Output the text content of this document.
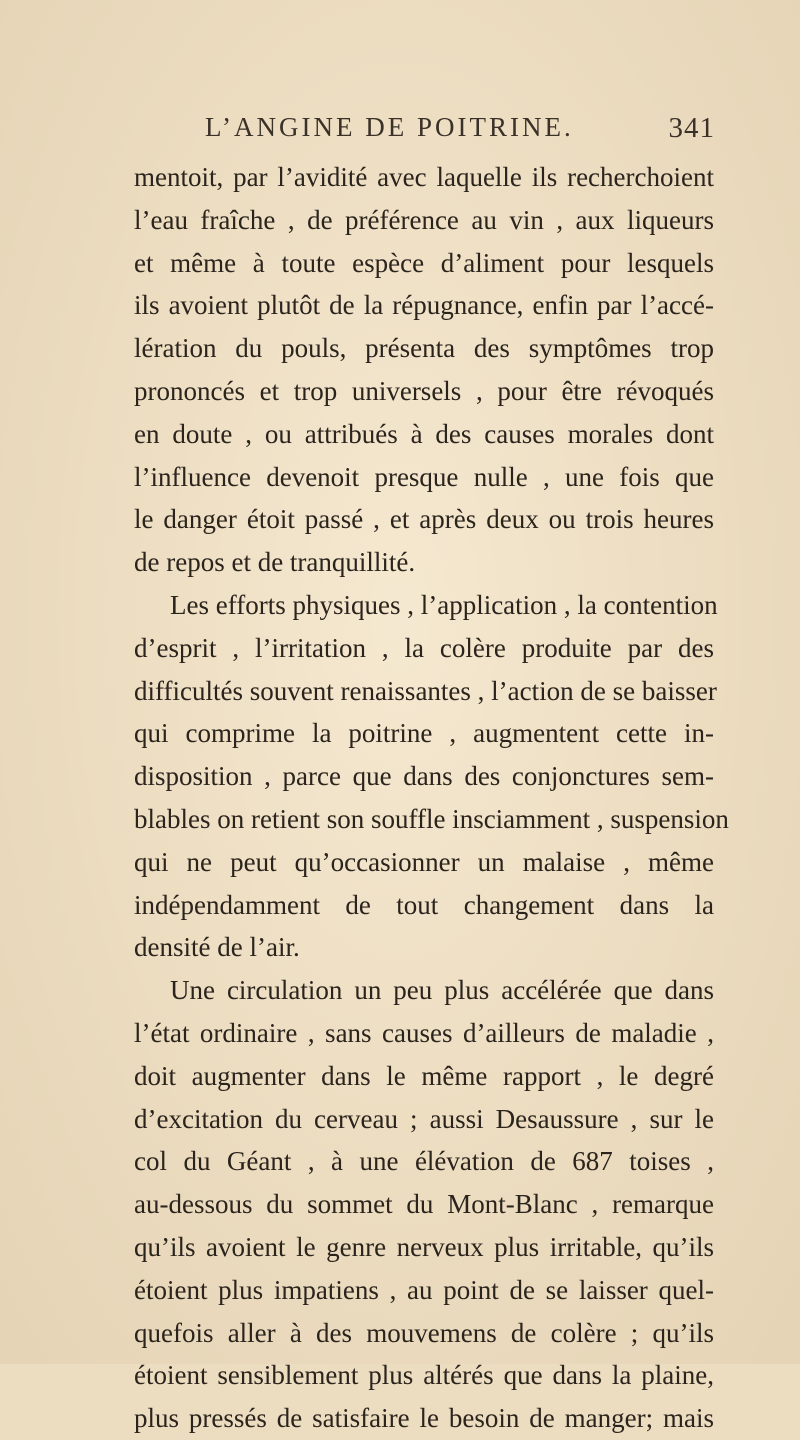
L’ANGINE DE POITRINE.	341
mentoit, par l’avidité avec laquelle ils recherchoient
l’eau fraîche , de préférence au vin , aux liqueurs
et même à toute espèce d’aliment pour lesquels
ils avoient plutôt de la répugnance, enfin par l’accé-
lération du pouls, présenta des symptômes trop
prononcés et trop universels , pour être révoqués
en doute , ou attribués à des causes morales dont
l’influence devenoit presque nulle , une fois que
le danger étoit passé , et après deux ou trois heures
de repos et de tranquillité.
Les efforts physiques , l’application , la contention
d’esprit , l’irritation , la colère produite par des
difficultés souvent renaissantes , l’action de se baisser
qui comprime la poitrine , augmentent cette in-
disposition , parce que dans des conjonctures sem-
blables on retient son souffle insciamment , suspension
qui ne peut qu’occasionner un malaise , même
indépendamment de tout changement dans la
densité de l’air.
Une circulation un peu plus accélérée que dans
l’état ordinaire , sans causes d’ailleurs de maladie ,
doit augmenter dans le même rapport , le degré
d’excitation du cerveau ; aussi Desaussure , sur le
col du Géant , à une élévation de 687 toises ,
au-dessous du sommet du Mont-Blanc , remarque
qu’ils avoient le genre nerveux plus irritable, qu’ils
étoient plus impatiens , au point de se laisser quel-
quefois aller à des mouvemens de colère ; qu’ils
étoient sensiblement plus altérés que dans la plaine,
plus pressés de satisfaire le besoin de manger; mais
